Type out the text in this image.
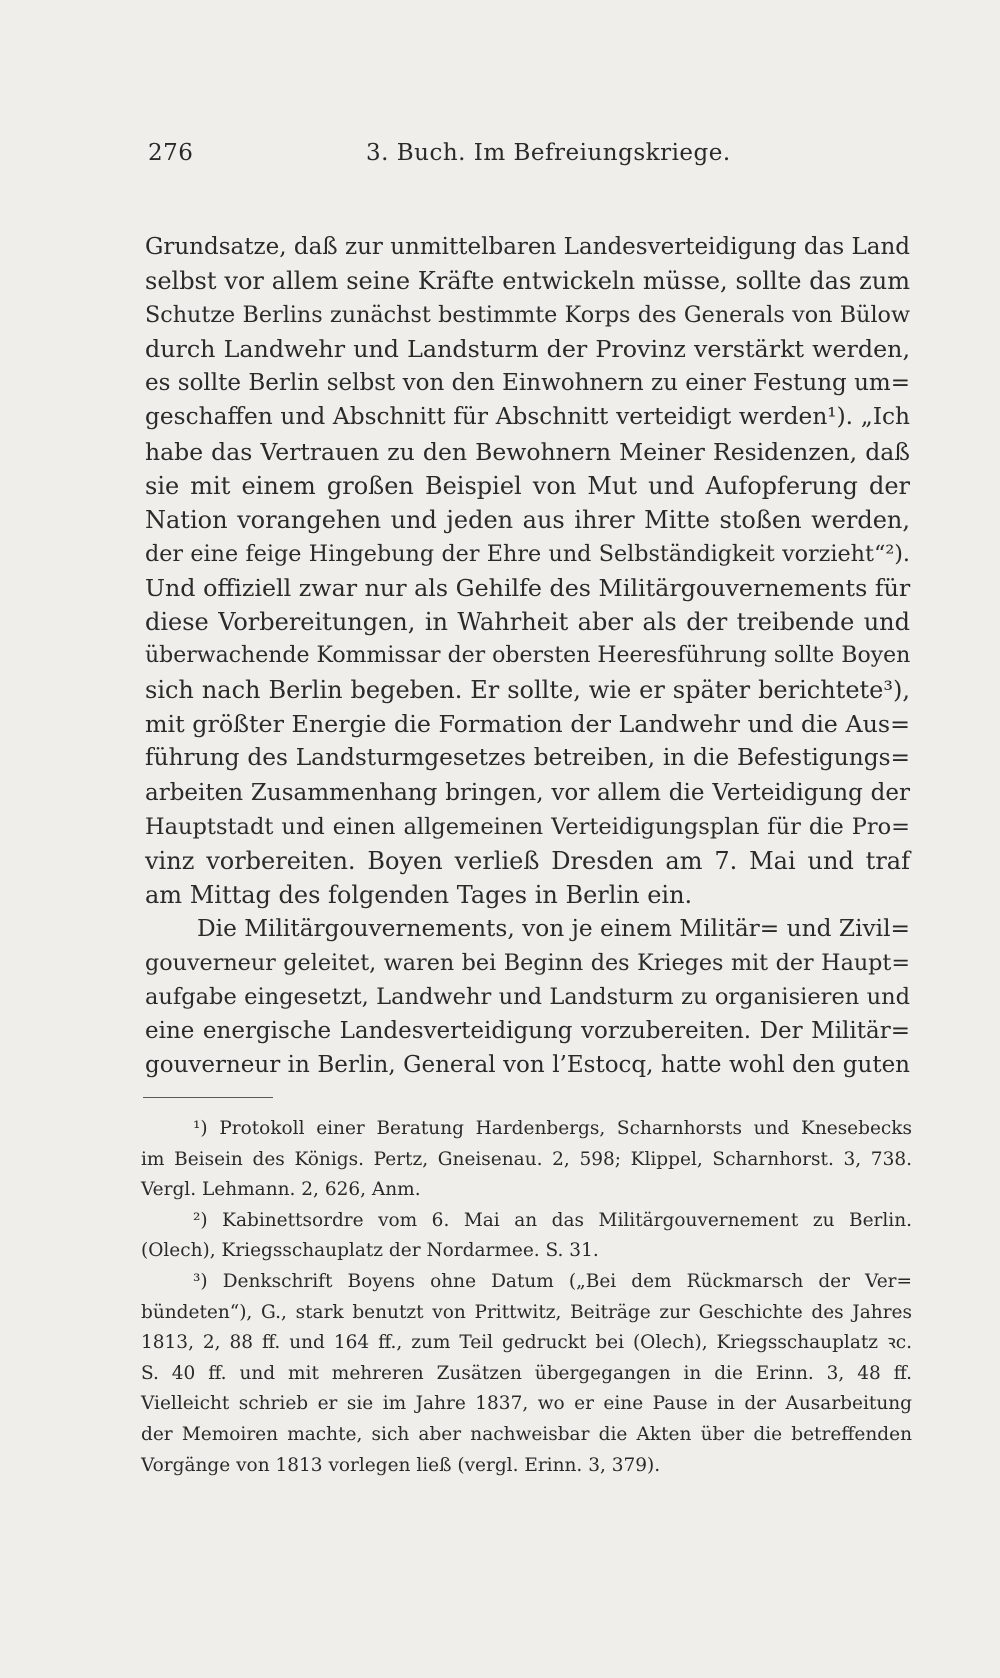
276	3. Buch. Im Befreiungskriege.
Grundsatze, daß zur unmittelbaren Landesverteidigung das Land
selbst vor allem seine Kräfte entwickeln müsse, sollte das zum
Schutze Berlins zunächst bestimmte Korps des Generals von Bülow
durch Landwehr und Landsturm der Provinz verstärkt werden,
es sollte Berlin selbst von den Einwohnern zu einer Festung um=
geschaffen und Abschnitt für Abschnitt verteidigt werden¹). „Ich
habe das Vertrauen zu den Bewohnern Meiner Residenzen, daß
sie mit einem großen Beispiel von Mut und Aufopferung der
Nation vorangehen und jeden aus ihrer Mitte stoßen werden,
der eine feige Hingebung der Ehre und Selbständigkeit vorzieht“²).
Und offiziell zwar nur als Gehilfe des Militärgouvernements für
diese Vorbereitungen, in Wahrheit aber als der treibende und
überwachende Kommissar der obersten Heeresführung sollte Boyen
sich nach Berlin begeben. Er sollte, wie er später berichtete³),
mit größter Energie die Formation der Landwehr und die Aus=
führung des Landsturmgesetzes betreiben, in die Befestigungs=
arbeiten Zusammenhang bringen, vor allem die Verteidigung der
Hauptstadt und einen allgemeinen Verteidigungsplan für die Pro=
vinz vorbereiten. Boyen verließ Dresden am 7. Mai und traf
am Mittag des folgenden Tages in Berlin ein.
Die Militärgouvernements, von je einem Militär= und Zivil=
gouverneur geleitet, waren bei Beginn des Krieges mit der Haupt=
aufgabe eingesetzt, Landwehr und Landsturm zu organisieren und
eine energische Landesverteidigung vorzubereiten. Der Militär=
gouverneur in Berlin, General von l’Estocq, hatte wohl den guten
¹) Protokoll einer Beratung Hardenbergs, Scharnhorsts und Knesebecks
im Beisein des Königs. Pertz, Gneisenau. 2, 598; Klippel, Scharnhorst. 3, 738.
Vergl. Lehmann. 2, 626, Anm.
²) Kabinettsordre vom 6. Mai an das Militärgouvernement zu Berlin.
(Olech), Kriegsschauplatz der Nordarmee. S. 31.
³) Denkschrift Boyens ohne Datum („Bei dem Rückmarsch der Ver=
bündeten“), G., stark benutzt von Prittwitz, Beiträge zur Geschichte des Jahres
1813, 2, 88 ff. und 164 ff., zum Teil gedruckt bei (Olech), Kriegsschauplatz ꝛc.
S. 40 ff. und mit mehreren Zusätzen übergegangen in die Erinn. 3, 48 ff.
Vielleicht schrieb er sie im Jahre 1837, wo er eine Pause in der Ausarbeitung
der Memoiren machte, sich aber nachweisbar die Akten über die betreffenden
Vorgänge von 1813 vorlegen ließ (vergl. Erinn. 3, 379).
